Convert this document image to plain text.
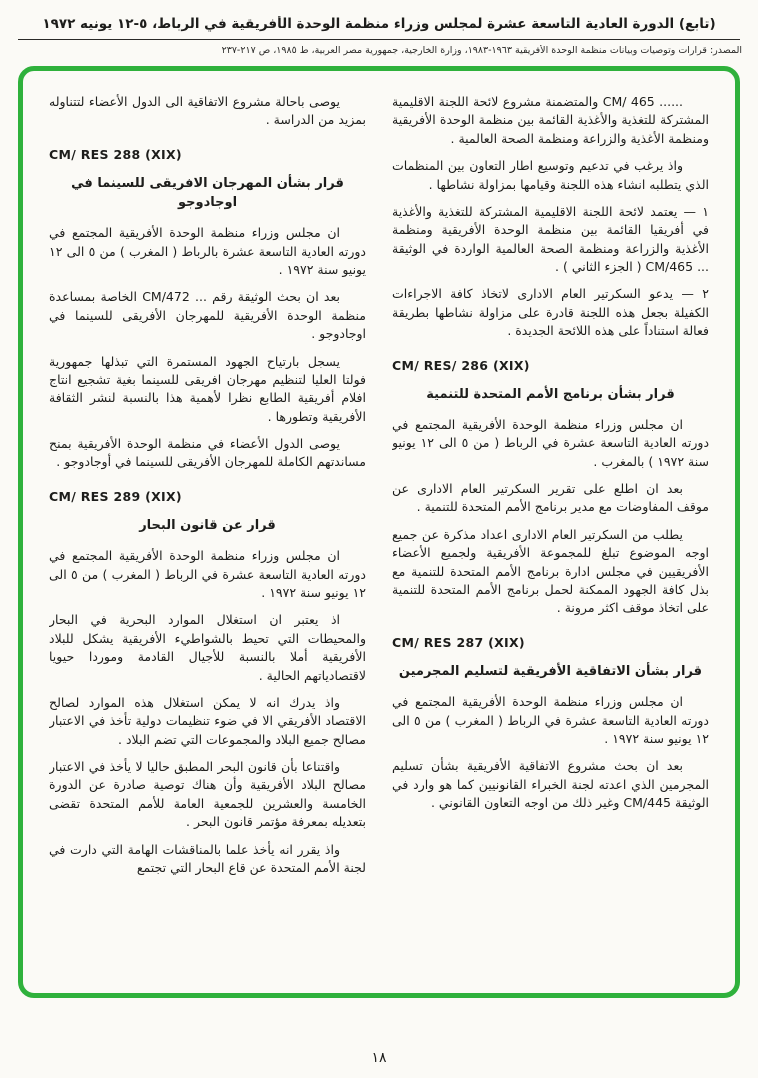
(تابع) الدورة العادية التاسعة عشرة لمجلس وزراء منظمة الوحدة الأفريقية في الرباط، ٥-١٢ يونيه ١٩٧٢
المصدر: قرارات وتوصيات وبيانات منظمة الوحدة الأفريقية ١٩٦٣-١٩٨٣، وزارة الخارجية، جمهورية مصر العربية، ط ١٩٨٥، ص ٢١٧-٢٣٧

...... CM/ 465 والمتضمنة مشروع لائحة اللجنة الاقليمية المشتركة للتغذية والأغذية القائمة بين منظمة الوحدة الأفريقية ومنظمة الأغذية والزراعة ومنظمة الصحة العالمية .

واذ يرغب في تدعيم وتوسيع اطار التعاون بين المنظمات الذي يتطلبه انشاء هذه اللجنة وقيامها بمزاولة نشاطها .

١ — يعتمد لائحة اللجنة الاقليمية المشتركة للتغذية والأغذية في أفريقيا القائمة بين منظمة الوحدة الأفريقية ومنظمة الأغذية والزراعة ومنظمة الصحة العالمية الواردة في الوثيقة ... CM/465 ( الجزء الثاني ) .

٢ — يدعو السكرتير العام الادارى لاتخاذ كافة الاجراءات الكفيلة بجعل هذه اللجنة قادرة على مزاولة نشاطها بطريقة فعالة استناداً على هذه اللائحة الجديدة .

CM/ RES/ 286 (XIX)

قرار بشأن برنامج الأمم المتحدة للتنمية

ان مجلس وزراء منظمة الوحدة الأفريقية المجتمع في دورته العادية التاسعة عشرة في الرباط ( من ٥ الى ١٢ يونيو سنة ١٩٧٢ ) بالمغرب .

بعد ان اطلع على تقرير السكرتير العام الادارى عن موقف المفاوضات مع مدير برنامج الأمم المتحدة للتنمية .

يطلب من السكرتير العام الادارى اعداد مذكرة عن جميع اوجه الموضوع تبلغ للمجموعة الأفريقية ولجميع الأعضاء الأفريقيين في مجلس ادارة برنامج الأمم المتحدة للتنمية مع بذل كافة الجهود الممكنة لحمل برنامج الأمم المتحدة للتنمية على اتخاذ موقف اكثر مرونة .

CM/ RES 287 (XIX)

قرار بشأن الاتفاقية الأفريقية لتسليم المجرمين

ان مجلس وزراء منظمة الوحدة الأفريقية المجتمع في دورته العادية التاسعة عشرة في الرباط ( المغرب ) من ٥ الى ١٢ يونيو سنة ١٩٧٢ .

بعد ان بحث مشروع الاتفاقية الأفريقية بشأن تسليم المجرمين الذي اعدته لجنة الخبراء القانونيين كما هو وارد في الوثيقة CM/445 وغير ذلك من اوجه التعاون القانوني .

يوصى باحالة مشروع الاتفاقية الى الدول الأعضاء لتتناوله بمزيد من الدراسة .

CM/ RES 288 (XIX)

قرار بشأن المهرجان الافريقى للسينما في اوجادوجو

ان مجلس وزراء منظمة الوحدة الأفريقية المجتمع في دورته العادية التاسعة عشرة بالرباط ( المغرب ) من ٥ الى ١٢ يونيو سنة ١٩٧٢ .

بعد ان بحث الوثيقة رقم ... CM/472 الخاصة بمساعدة منظمة الوحدة الأفريقية للمهرجان الأفريقى للسينما في اوجادوجو .

يسجل بارتياح الجهود المستمرة التي تبذلها جمهورية فولتا العليا لتنظيم مهرجان افريقى للسينما بغية تشجيع انتاج افلام أفريقية الطابع نظرا لأهمية هذا بالنسبة لنشر الثقافة الأفريقية وتطورها .

يوصى الدول الأعضاء في منظمة الوحدة الأفريقية بمنح مساندتهم الكاملة للمهرجان الأفريقى للسينما في أوجادوجو .

CM/ RES 289 (XIX)

قرار عن قانون البحار

ان مجلس وزراء منظمة الوحدة الأفريقية المجتمع في دورته العادية التاسعة عشرة في الرباط ( المغرب ) من ٥ الى ١٢ يونيو سنة ١٩٧٢ .

اذ يعتبر ان استغلال الموارد البحرية في البحار والمحيطات التي تحيط بالشواطيء الأفريقية يشكل للبلاد الأفريقية أملا بالنسبة للأجيال القادمة وموردا حيويا لاقتصادياتهم الحالية .

واذ يدرك انه لا يمكن استغلال هذه الموارد لصالح الاقتصاد الأفريقي الا في ضوء تنظيمات دولية تأخذ في الاعتبار مصالح جميع البلاد والمجموعات التي تضم البلاد .

واقتناعا بأن قانون البحر المطبق حاليا لا يأخذ في الاعتبار مصالح البلاد الأفريقية وأن هناك توصية صادرة عن الدورة الخامسة والعشرين للجمعية العامة للأمم المتحدة تقضى بتعديله بمعرفة مؤتمر قانون البحر .

واذ يقرر انه يأخذ علما بالمناقشات الهامة التي دارت في لجنة الأمم المتحدة عن قاع البحار التي تجتمع

١٨
